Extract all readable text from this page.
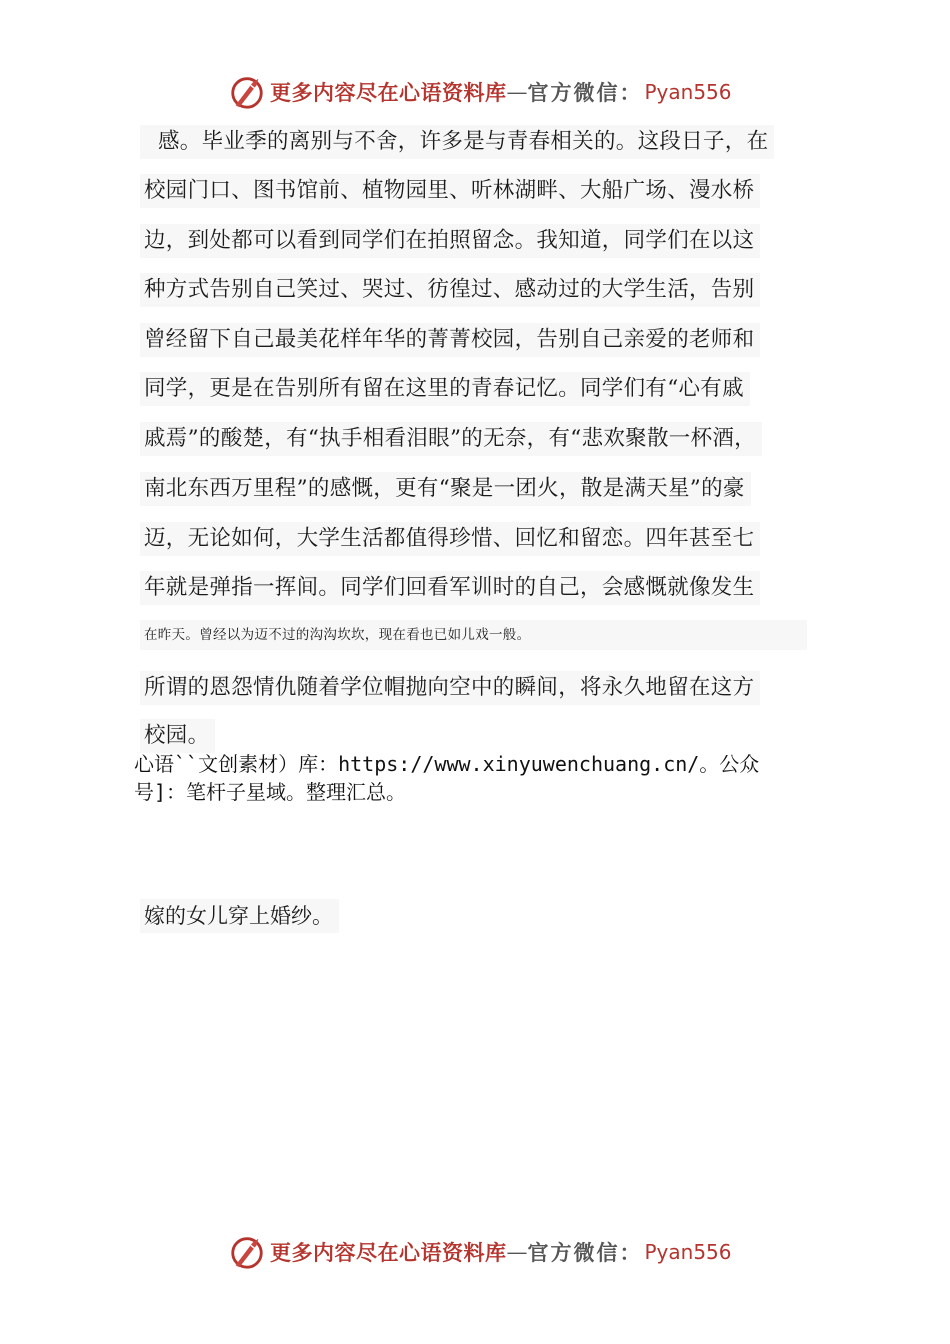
更多内容尽在心语资料库 — 官方微信： Pyan556
感。毕业季的离别与不舍，许多是与青春相关的。这段日子，在
校园门口、图书馆前、植物园里、听林湖畔、大船广场、漫水桥
边，到处都可以看到同学们在拍照留念。我知道，同学们在以这
种方式告别自己笑过、哭过、彷徨过、感动过的大学生活，告别
曾经留下自己最美花样年华的菁菁校园，告别自己亲爱的老师和
同学，更是在告别所有留在这里的青春记忆。同学们有“心有戚
戚焉”的酸楚，有“执手相看泪眼”的无奈，有“悲欢聚散一杯酒，
南北东西万里程”的感慨，更有“聚是一团火，散是满天星”的豪
迈，无论如何，大学生活都值得珍惜、回忆和留恋。四年甚至七
年就是弹指一挥间。同学们回看军训时的自己，会感慨就像发生
在昨天。曾经以为迈不过的沟沟坎坎，现在看也已如儿戏一般。
所谓的恩怨情仇随着学位帽抛向空中的瞬间，将永久地留在这方
校园。
心语``文创素材）库：https://www.xinyuwenchuang.cn/。公众
号]：笔杆子星域。整理汇总。
嫁的女儿穿上婚纱。
更多内容尽在心语资料库 — 官方微信： Pyan556
